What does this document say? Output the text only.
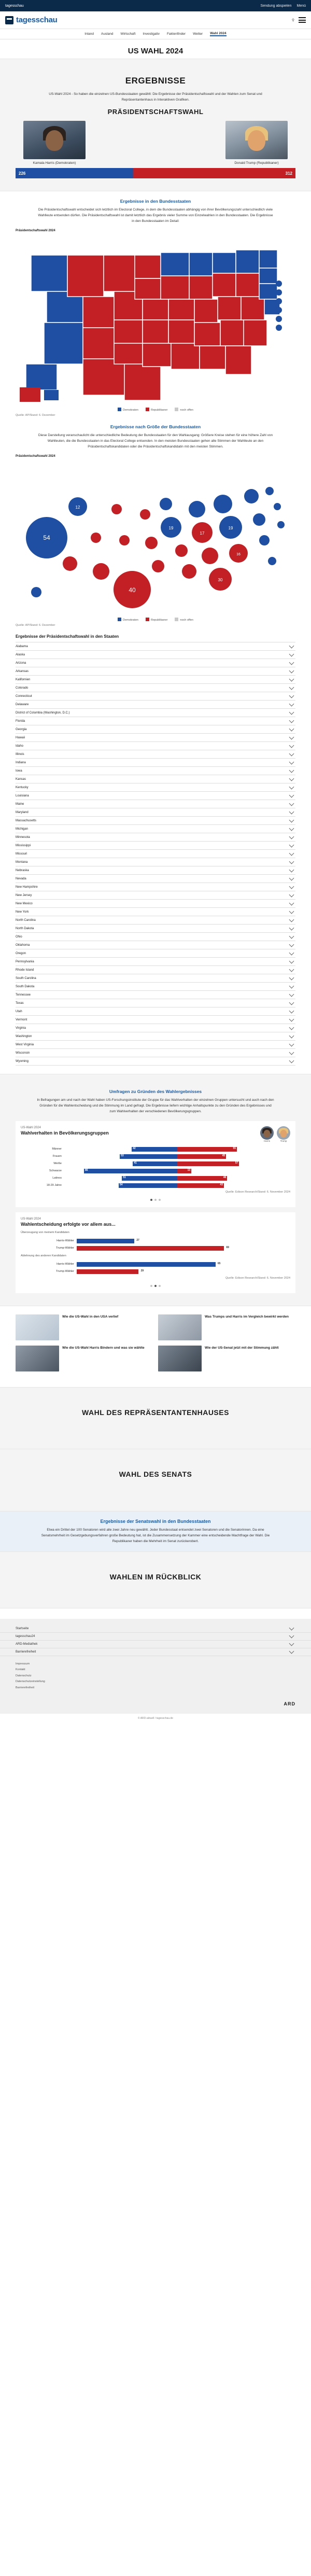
tagesschau	Sendung abspielen Menü
tagesschau	⚲
Inland Ausland Wirtschaft Investigativ Faktenfinder Wetter Wahl 2024
US WAHL 2024
ERGEBNISSE
US-Wahl 2024 - So haben die einzelnen US-Bundesstaaten gewählt: Die Ergebnisse der Präsidentschaftswahl und der Wahlen zum Senat und Repräsentantenhaus in Interaktiven Grafiken.
PRÄSIDENTSCHAFTSWAHL
Kamala Harris (Demokraten)	Donald Trump (Republikaner)
226	312
Ergebnisse in den Bundesstaaten
Die Präsidentschaftswahl entscheidet sich letztlich im Electoral College, in dem die Bundesstaaten abhängig von ihrer Bevölkerungszahl unterschiedlich viele Wahlleute entsenden dürfen. Die Präsidentschaftswahl ist damit letztlich das Ergebnis vieler Summe von Einzelwahlen in den Bundesstaaten. Die Ergebnisse in den Bundesstaaten im Detail:
Präsidentschaftswahl 2024
Demokraten	Republikaner	noch offen
Quelle: AP/Stand: 6. Dezember
Ergebnisse nach Größe der Bundesstaaten
Diese Darstellung veranschaulicht die unterschiedliche Bedeutung der Bundesstaaten für den Wahlausgang: Größere Kreise stehen für eine höhere Zahl von Wahlleuten, die die Bundesstaaten in das Electoral College entsenden. In den meisten Bundesstaaten gehen alle Stimmen der Wahlleute an den Präsidentschaftskandidaten oder die Präsidentschaftskandidatin mit den meisten Stimmen.
Präsidentschaftswahl 2024
54
12
40
19
17
30
19
16
Demokraten	Republikaner	noch offen
Quelle: AP/Stand: 6. Dezember
Ergebnisse der Präsidentschaftswahl in den Staaten
Alabama
Alaska
Arizona
Arkansas
Kalifornien
Colorado
Connecticut
Delaware
District of Columbia (Washington, D.C.)
Florida
Georgia
Hawaii
Idaho
Illinois
Indiana
Iowa
Kansas
Kentucky
Louisiana
Maine
Maryland
Massachusetts
Michigan
Minnesota
Mississippi
Missouri
Montana
Nebraska
Nevada
New Hampshire
New Jersey
New Mexico
New York
North Carolina
North Dakota
Ohio
Oklahoma
Oregon
Pennsylvania
Rhode Island
South Carolina
South Dakota
Tennessee
Texas
Utah
Vermont
Virginia
Washington
West Virginia
Wisconsin
Wyoming
Umfragen zu Gründen des Wahlergebnisses
In Befragungen am und nach der Wahl haben US-Forschungsinstitute der Gruppe für das Wahlverhalten der einzelnen Gruppen untersucht und auch nach den Gründen für die Wahlentscheidung und die Stimmung im Land gefragt. Die Ergebnisse liefern wichtige Anhaltspunkte zu den Gründen des Ergebnisses und zum Wahlverhalten der verschiedenen Bevölkerungsgruppen.
US-Wahl 2024
Wahlverhalten in Bevölkerungsgruppen
Harris	Trump
Männer	42	55
Frauen	53	45
Weiße	41	57
Schwarze	86	13
Latinos	51	46
18-29 Jahre	54	43
Quelle: Edison Research/Stand: 6. November 2024
US-Wahl 2024
Wahlentscheidung erfolgte vor allem aus...
Überzeugung von meinem Kandidaten
Harris-Wähler	27
Trump-Wähler	69
Ablehnung des anderen Kandidaten
Harris-Wähler	65
Trump-Wähler	29
Quelle: Edison Research/Stand: 6. November 2024
Wie die US-Wahl in den USA verlief
Wie die US-Wahl Harris Bindern und was sie wählte
Was Trumps und Harris im Vergleich bewirkt werden
Wie der US-Senat jetzt mit der Stimmung zählt
WAHL DES REPRÄSENTANTENHAUSES
WAHL DES SENATS
Ergebnisse der Senatswahl in den Bundesstaaten
Etwa ein Drittel der 100 Senatoren wird alle zwei Jahre neu gewählt. Jeder Bundesstaat entsendet zwei Senatoren und die Senatorinnen. Da eine Senatsmehrheit im Gesetzgebungsverfahren große Bedeutung hat, ist die Zusammensetzung der Kammer eine entscheidende Machtfrage der Wahl. Die Republikaner haben die Mehrheit im Senat zurückerobert.
WAHLEN IM RÜCKBLICK
Startseite
tagesschau24
ARD-Mediathek
Barrierefreiheit
Impressum
Kontakt
Datenschutz
Datenschutzeinstellung
Barrierefreiheit
ARD
© ARD-aktuell / tagesschau.de
